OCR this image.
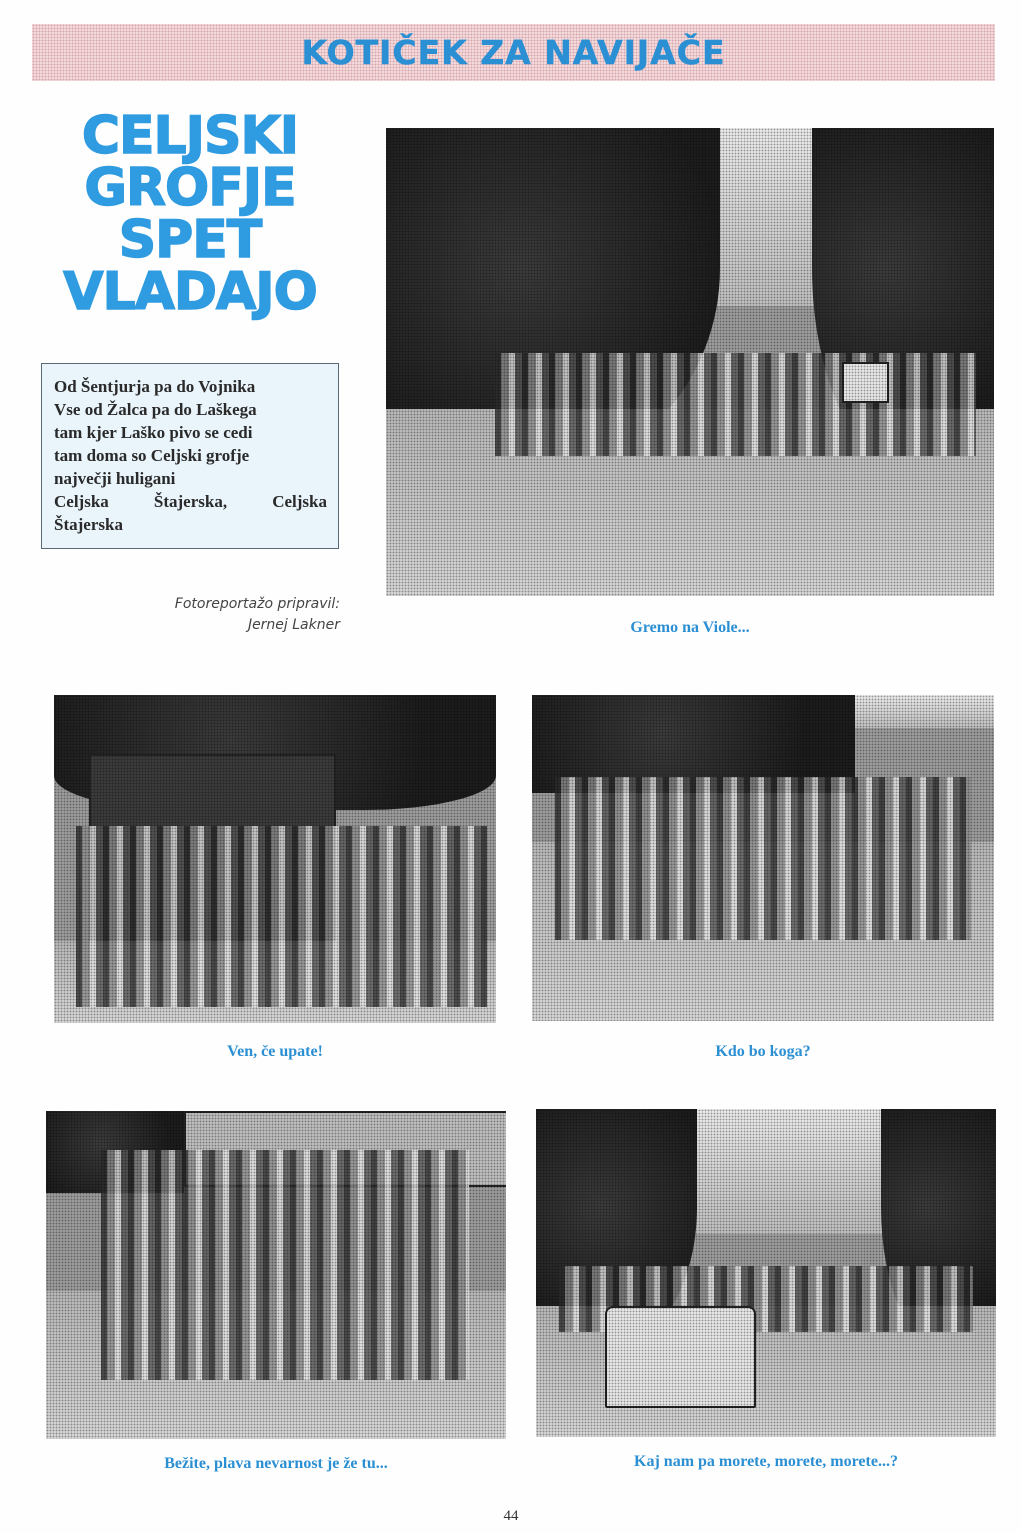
KOTIČEK ZA NAVIJAČE
CELJSKI
GROFJE
SPET
VLADAJO
Od Šentjurja pa do Vojnika
Vse od Žalca pa do Laškega
tam kjer Laško pivo se cedi
tam doma so Celjski grofje
največji huligani
Celjska	Štajerska,	Celjska
Štajerska
Fotoreportažo pripravil:
Jernej Lakner	Gremo na Viole...
Ven, če upate!	Kdo bo koga?
Bežite, plava nevarnost je že tu...	Kaj nam pa morete, morete, morete...?
44
